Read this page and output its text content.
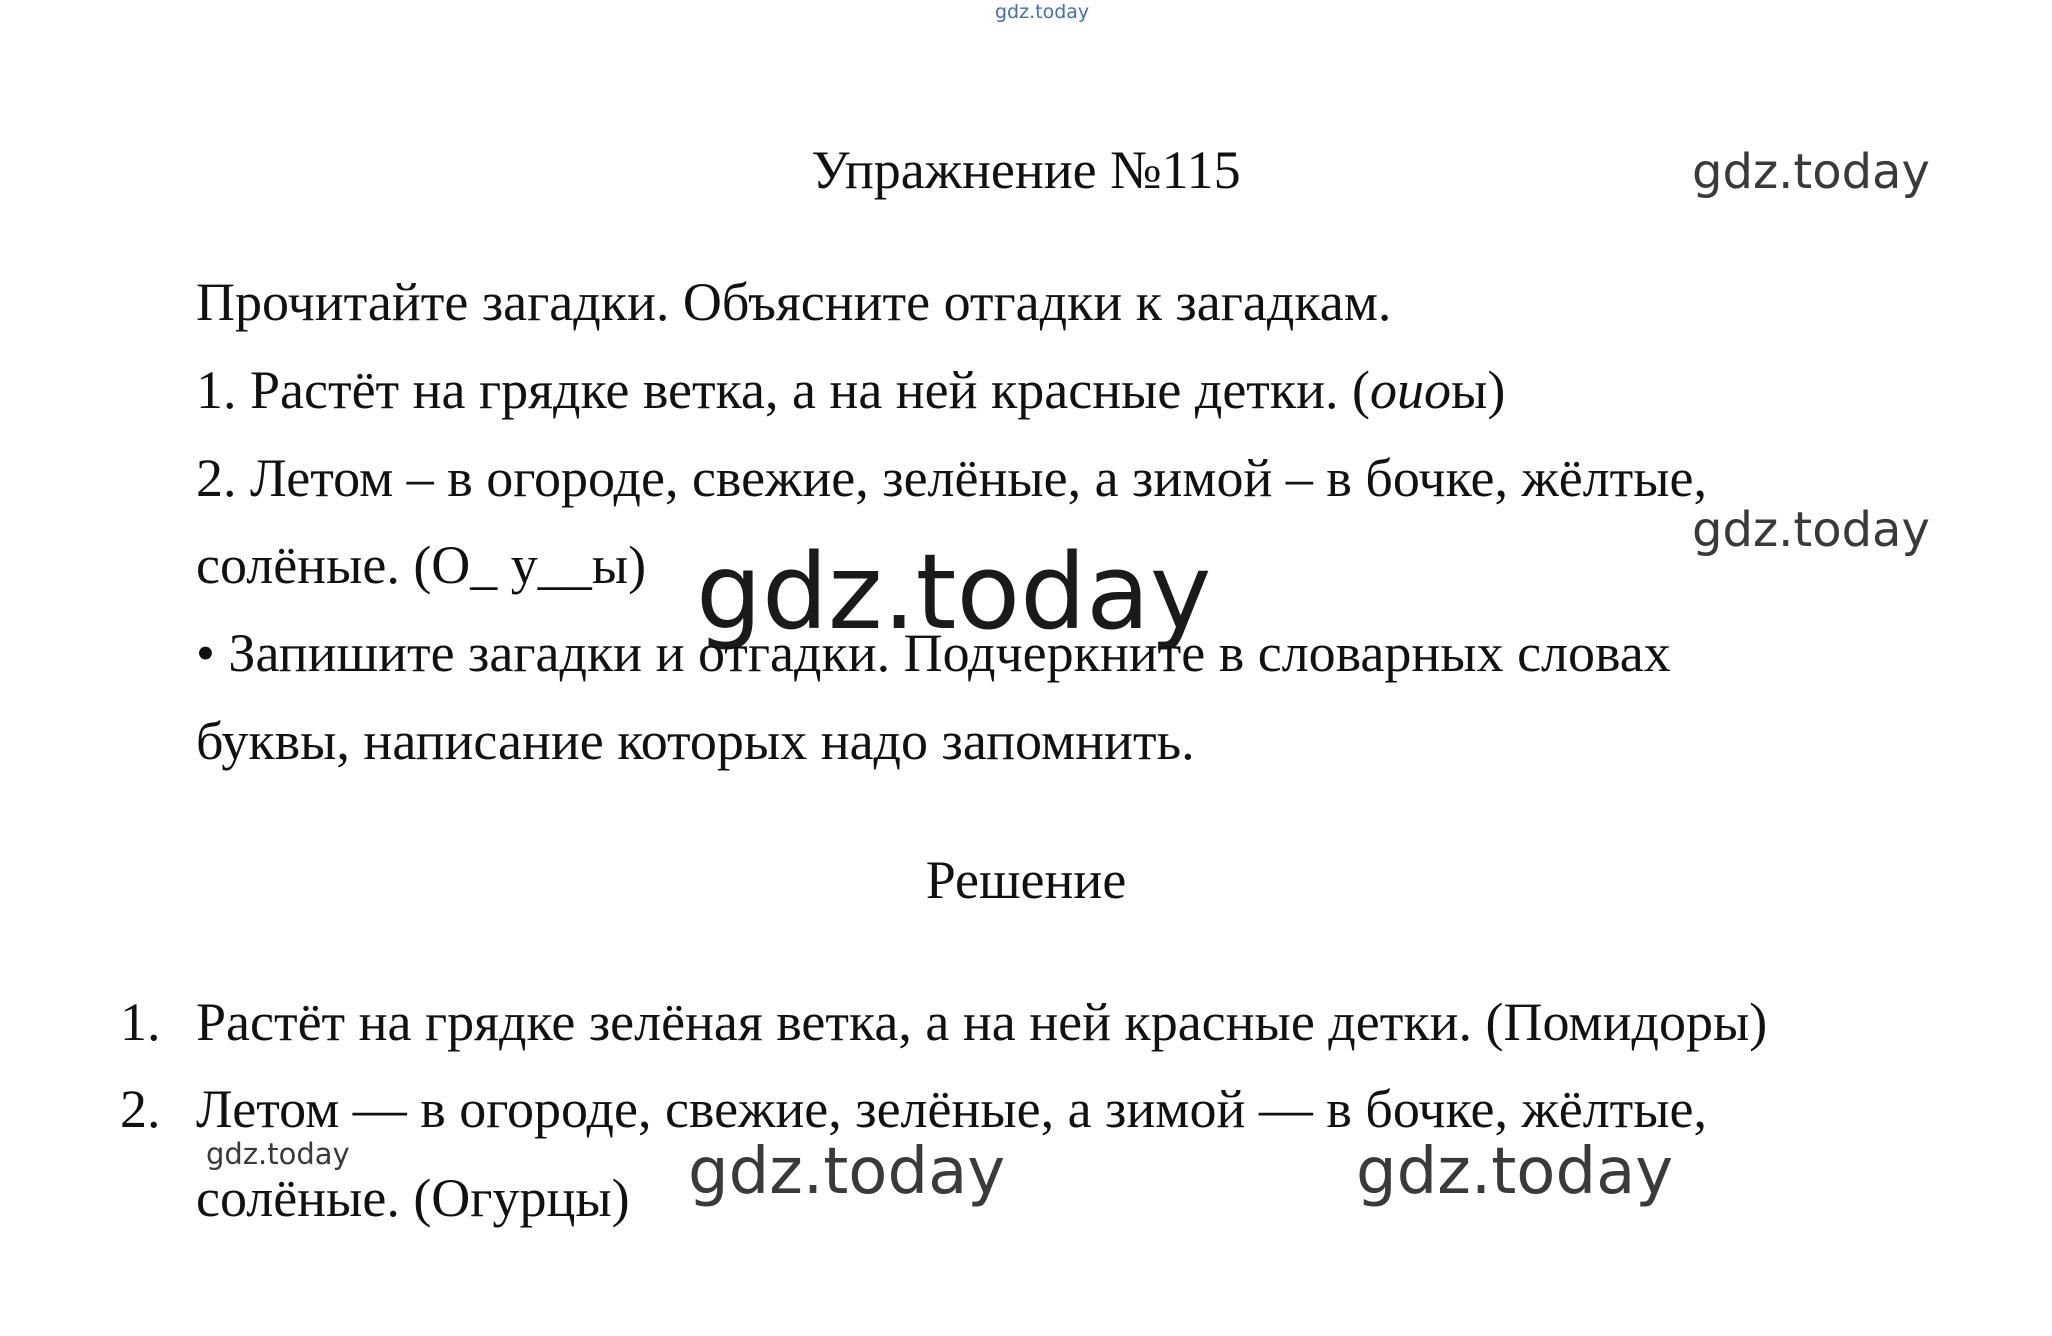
gdz.today
Упражнение №115	gdz.today
Прочитайте загадки. Объясните отгадки к загадкам.
1. Растёт на грядке ветка, а на ней красные детки. (оиоы)
2. Летом – в огороде, свежие, зелёные, а зимой – в бочке, жёлтые,
gdz.today
солёные. (О_ у__ы) gdz.today
• Запишите загадки и отгадки. Подчеркните в словарных словах
буквы, написание которых надо запомнить.
Решение
1. Растёт на грядке зелёная ветка, а на ней красные детки. (Помидоры)
2. Летом — в огороде, свежие, зелёные, а зимой — в бочке, жёлтые,
gdz.today
солёные. (Огурцы) gdz.today	gdz.today
